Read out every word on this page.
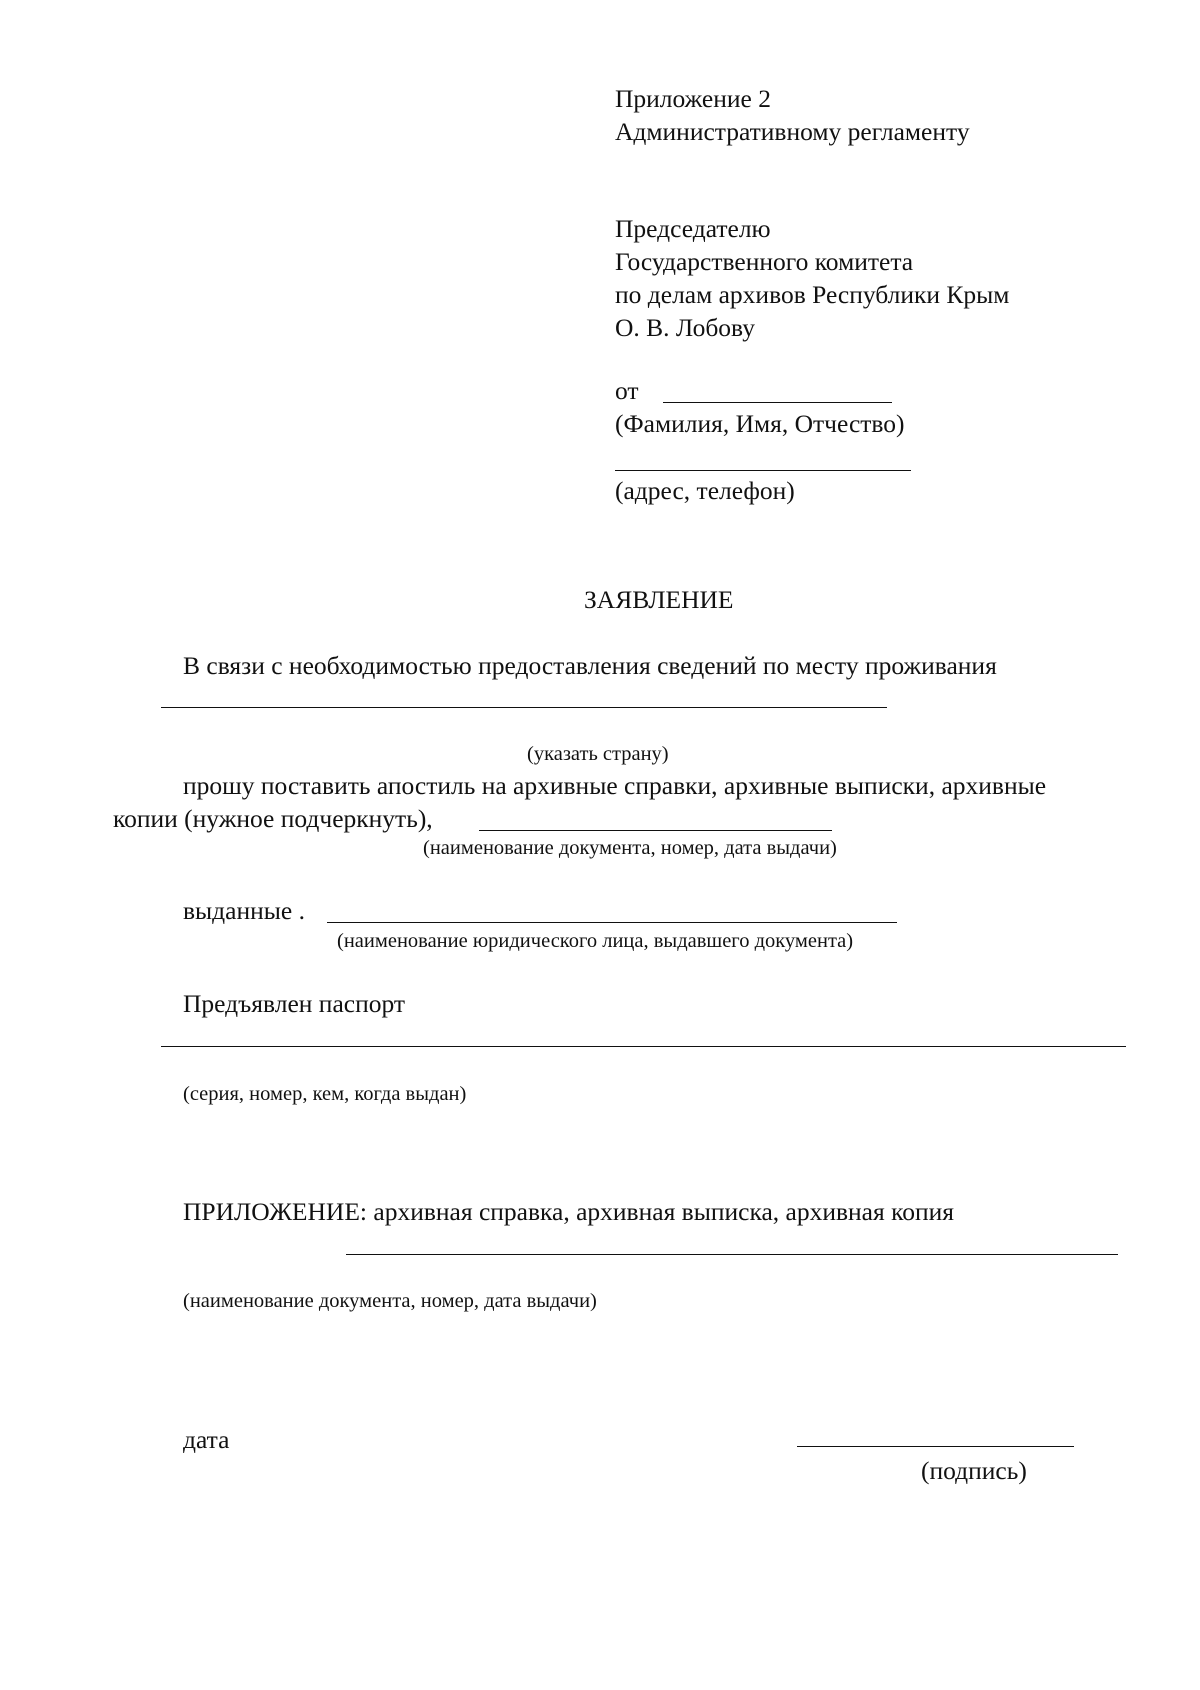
Приложение 2
Административному регламенту
Председателю
Государственного комитета
по делам архивов Республики Крым
О. В. Лобову
от
(Фамилия, Имя, Отчество)
(адрес, телефон)
ЗАЯВЛЕНИЕ
В связи с необходимостью предоставления сведений по месту проживания
(указать страну)
прошу поставить апостиль на архивные справки, архивные выписки, архивные
копии (нужное подчеркнуть),
(наименование документа, номер, дата выдачи)
выданные .
(наименование юридического лица, выдавшего документа)
Предъявлен паспорт
(серия, номер, кем, когда выдан)
ПРИЛОЖЕНИЕ: архивная справка, архивная выписка, архивная копия
(наименование документа, номер, дата выдачи)
дата
(подпись)
